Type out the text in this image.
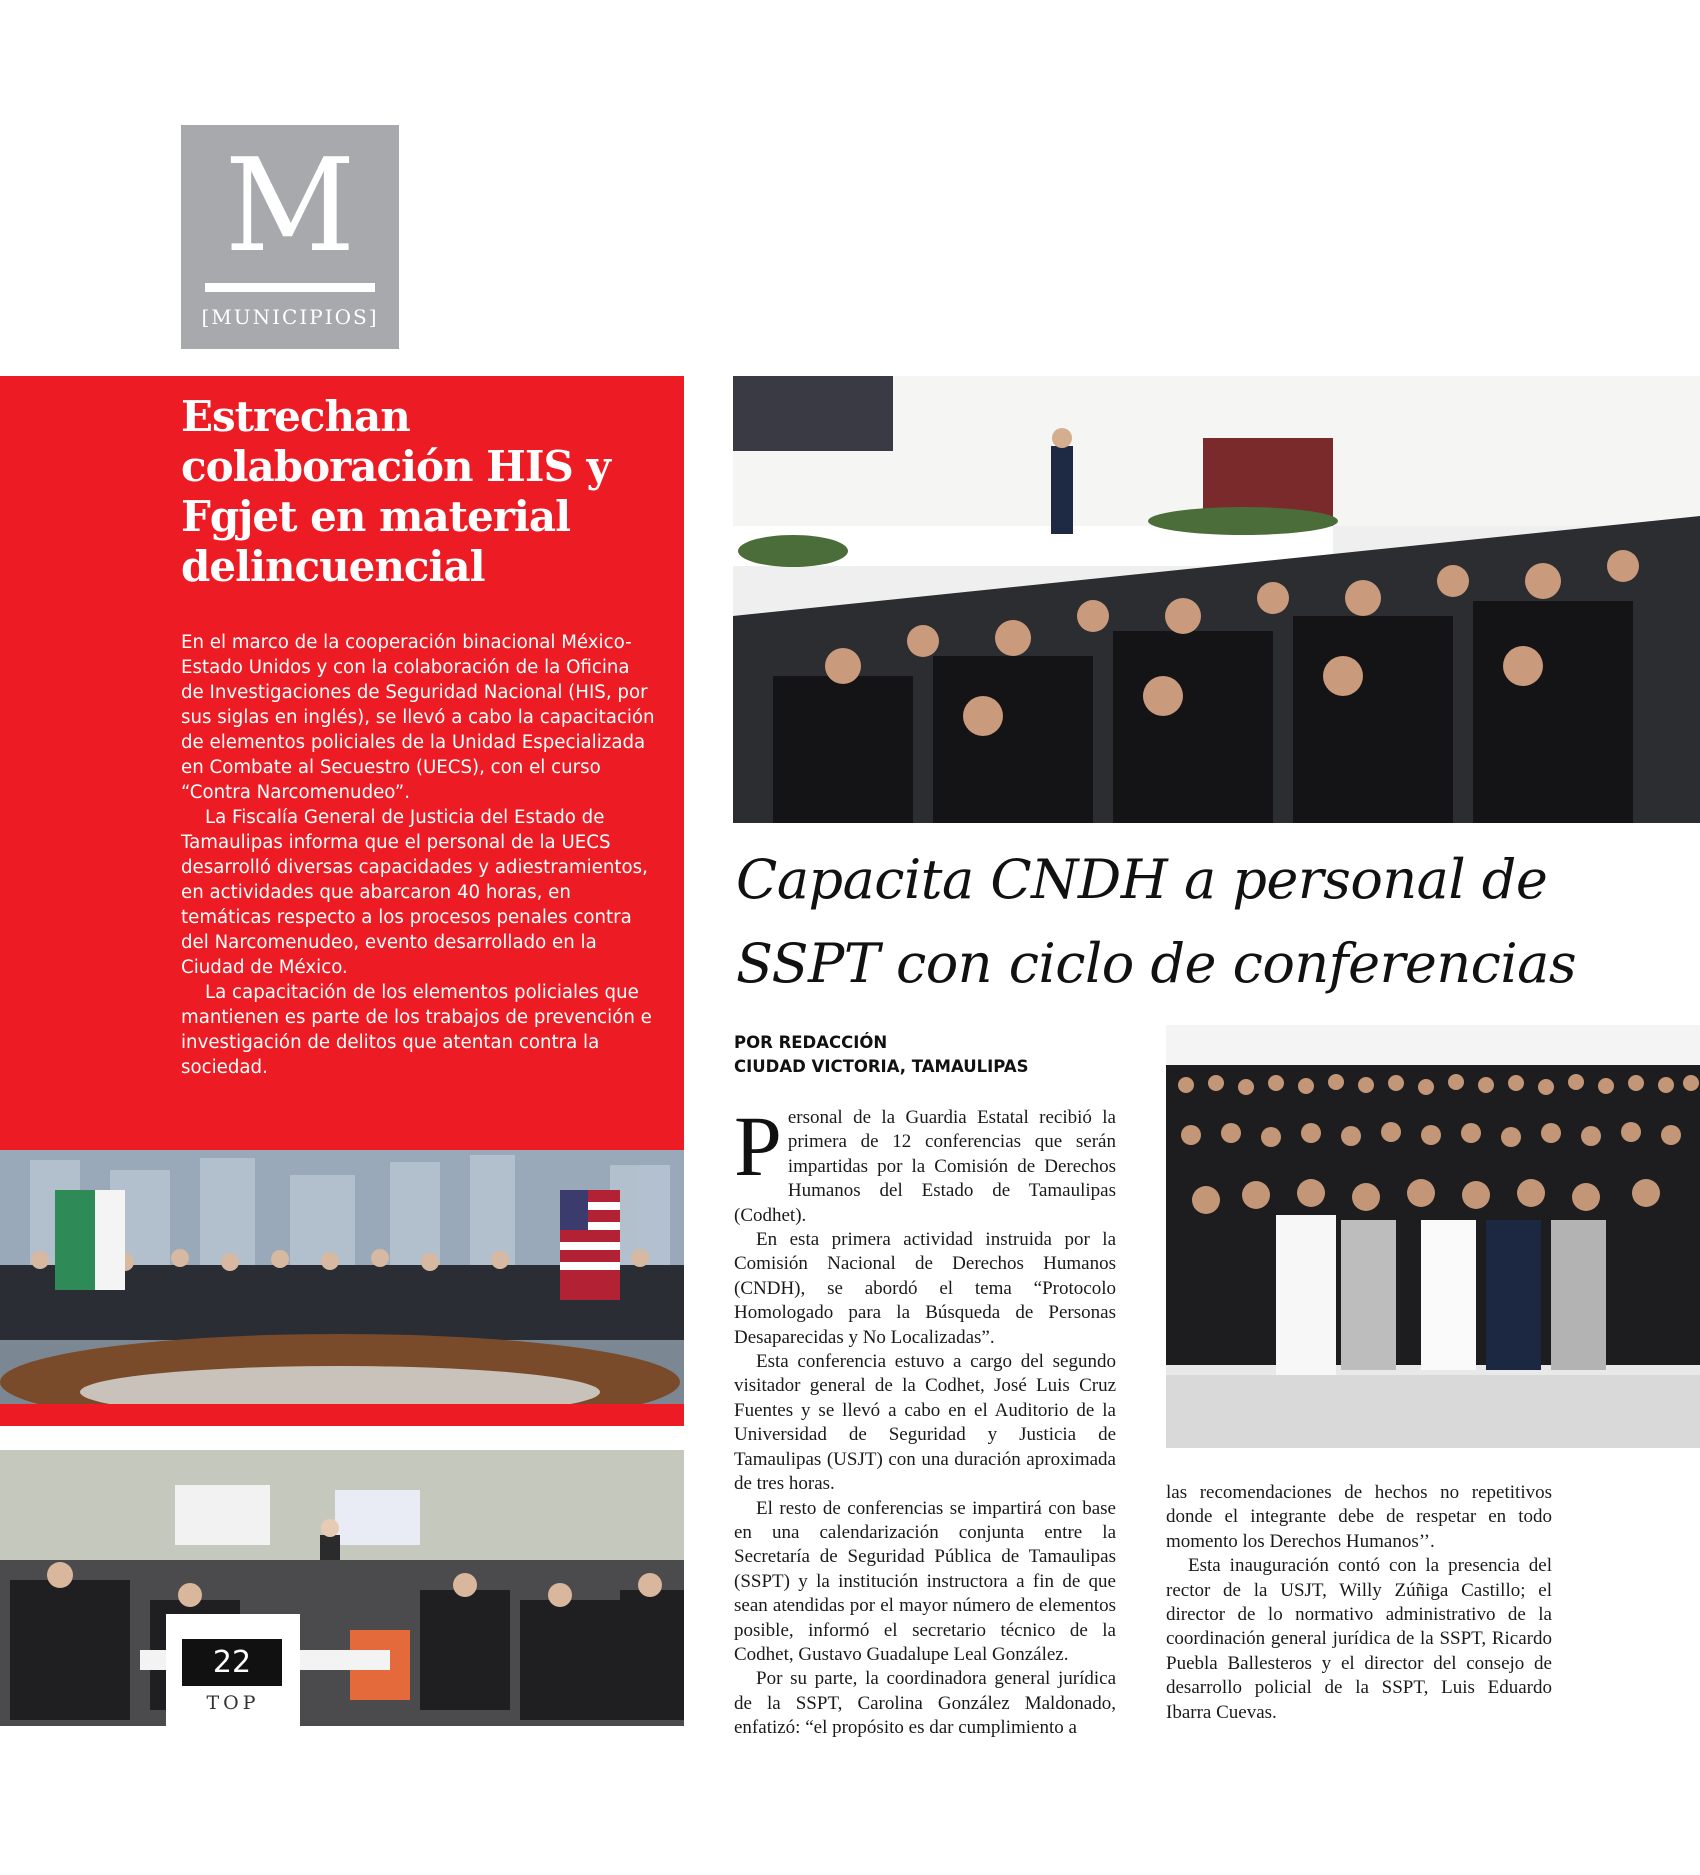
M
[MUNICIPIOS]
Estrechan colaboración HIS y Fgjet en material delincuencial

En el marco de la cooperación binacional México-Estado Unidos y con la colaboración de la Oficina de Investigaciones de Seguridad Nacional (HIS, por sus siglas en inglés), se llevó a cabo la capacitación de elementos policiales de la Unidad Especializada en Combate al Secuestro (UECS), con el curso “Contra Narcomenudeo”.

La Fiscalía General de Justicia del Estado de Tamaulipas informa que el personal de la UECS desarrolló diversas capacidades y adiestramientos, en actividades que abarcaron 40 horas, en temáticas respecto a los procesos penales contra del Narcomenudeo, evento desarrollado en la Ciudad de México.

La capacitación de los elementos policiales que mantienen es parte de los trabajos de prevención e investigación de delitos que atentan contra la sociedad.

22
TOP
Capacita CNDH a personal de SSPT con ciclo de conferencias
POR REDACCIÓN
CIUDAD VICTORIA, TAMAULIPAS

Personal de la Guardia Estatal recibió la primera de 12 conferencias que serán impartidas por la Comisión de Derechos Humanos del Estado de Tamaulipas (Codhet).

En esta primera actividad instruida por la Comisión Nacional de Derechos Humanos (CNDH), se abordó el tema “Protocolo Homologado para la Búsqueda de Personas Desaparecidas y No Localizadas”.

Esta conferencia estuvo a cargo del segundo visitador general de la Codhet, José Luis Cruz Fuentes y se llevó a cabo en el Auditorio de la Universidad de Seguridad y Justicia de Tamaulipas (USJT) con una duración aproximada de tres horas.

El resto de conferencias se impartirá con base en una calendarización conjunta entre la Secretaría de Seguridad Pública de Tamaulipas (SSPT) y la institución instructora a fin de que sean atendidas por el mayor número de elementos posible, informó el secretario técnico de la Codhet, Gustavo Guadalupe Leal González.

Por su parte, la coordinadora general jurídica de la SSPT, Carolina González Maldonado, enfatizó: “el propósito es dar cumplimiento a

las recomendaciones de hechos no repetitivos donde el integrante debe de respetar en todo momento los Derechos Humanos’’.

Esta inauguración contó con la presencia del rector de la USJT, Willy Zúñiga Castillo; el director de lo normativo administrativo de la coordinación general jurídica de la SSPT, Ricardo Puebla Ballesteros y el director del consejo de desarrollo policial de la SSPT, Luis Eduardo Ibarra Cuevas.
